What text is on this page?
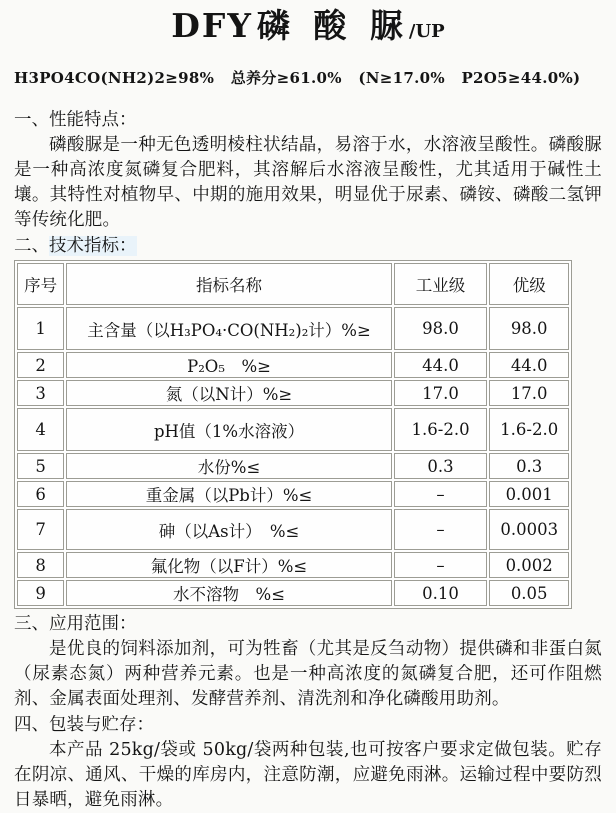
DFY 磷 酸 脲/UP
H3PO4CO(NH2)2≥98%   总养分≥61.0%   (N≥17.0%   P2O5≥44.0%)
一、性能特点：

磷酸脲是一种无色透明棱柱状结晶，易溶于水，水溶液呈酸性。磷酸脲是一种高浓度氮磷复合肥料，其溶解后水溶液呈酸性，尤其适用于碱性土壤。其特性对植物早、中期的施用效果，明显优于尿素、磷铵、磷酸二氢钾等传统化肥。

二、技术指标：
序号	指标名称	工业级	优级
1	主含量（以H₃PO₄·CO(NH₂)₂计）%≥	98.0	98.0
2	P₂O₅　%≥	44.0	44.0
3	氮（以N计）%≥	17.0	17.0
4	pH值（1%水溶液）	1.6-2.0	1.6-2.0
5	水份%≤	0.3	0.3
6	重金属（以Pb计）%≤	–	0.001
7	砷（以As计）　%≤	–	0.0003
8	氟化物（以F计）%≤	–	0.002
9	水不溶物　%≤	0.10	0.05
三、应用范围：

是优良的饲料添加剂，可为牲畜（尤其是反刍动物）提供磷和非蛋白氮（尿素态氮）两种营养元素。也是一种高浓度的氮磷复合肥，还可作阻燃剂、金属表面处理剂、发酵营养剂、清洗剂和净化磷酸用助剂。

四、包装与贮存：

本产品 25kg/袋或 50kg/袋两种包装,也可按客户要求定做包装。贮存在阴凉、通风、干燥的库房内，注意防潮，应避免雨淋。运输过程中要防烈日暴晒，避免雨淋。
